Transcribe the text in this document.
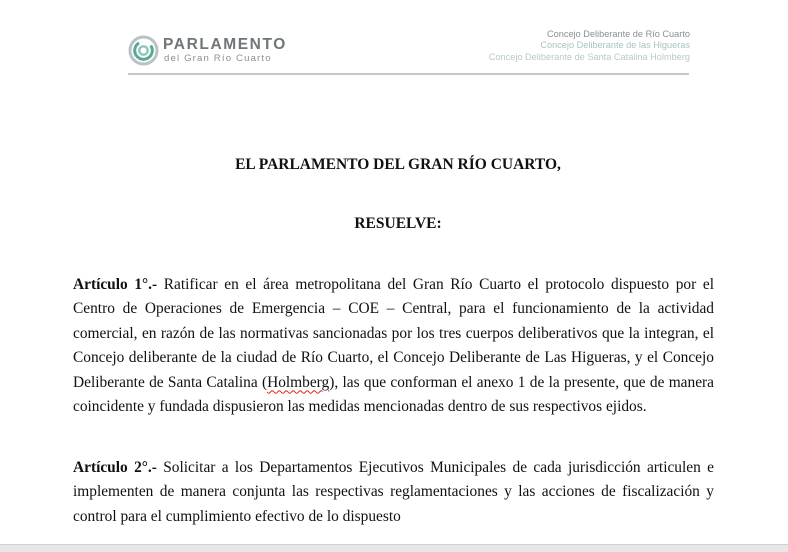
PARLAMENTO
del Gran Río Cuarto
Concejo Deliberante de Río Cuarto
Concejo Deliberante de las Higueras
Concejo Deliberante de Santa Catalina Holmberg
EL PARLAMENTO DEL GRAN RÍO CUARTO,
RESUELVE:

Artículo 1°.- Ratificar en el área metropolitana del Gran Río Cuarto el protocolo dispuesto por el Centro de Operaciones de Emergencia – COE – Central, para el funcionamiento de la actividad comercial, en razón de las normativas sancionadas por los tres cuerpos deliberativos que la integran, el Concejo deliberante de la ciudad de Río Cuarto, el Concejo Deliberante de Las Higueras, y el Concejo Deliberante de Santa Catalina (Holmberg), las que conforman el anexo 1 de la presente, que de manera coincidente y fundada dispusieron las medidas mencionadas dentro de sus respectivos ejidos.

Artículo 2°.- Solicitar a los Departamentos Ejecutivos Municipales de cada jurisdicción articulen e implementen de manera conjunta las respectivas reglamentaciones y las acciones de fiscalización y control para el cumplimiento efectivo de lo dispuesto
